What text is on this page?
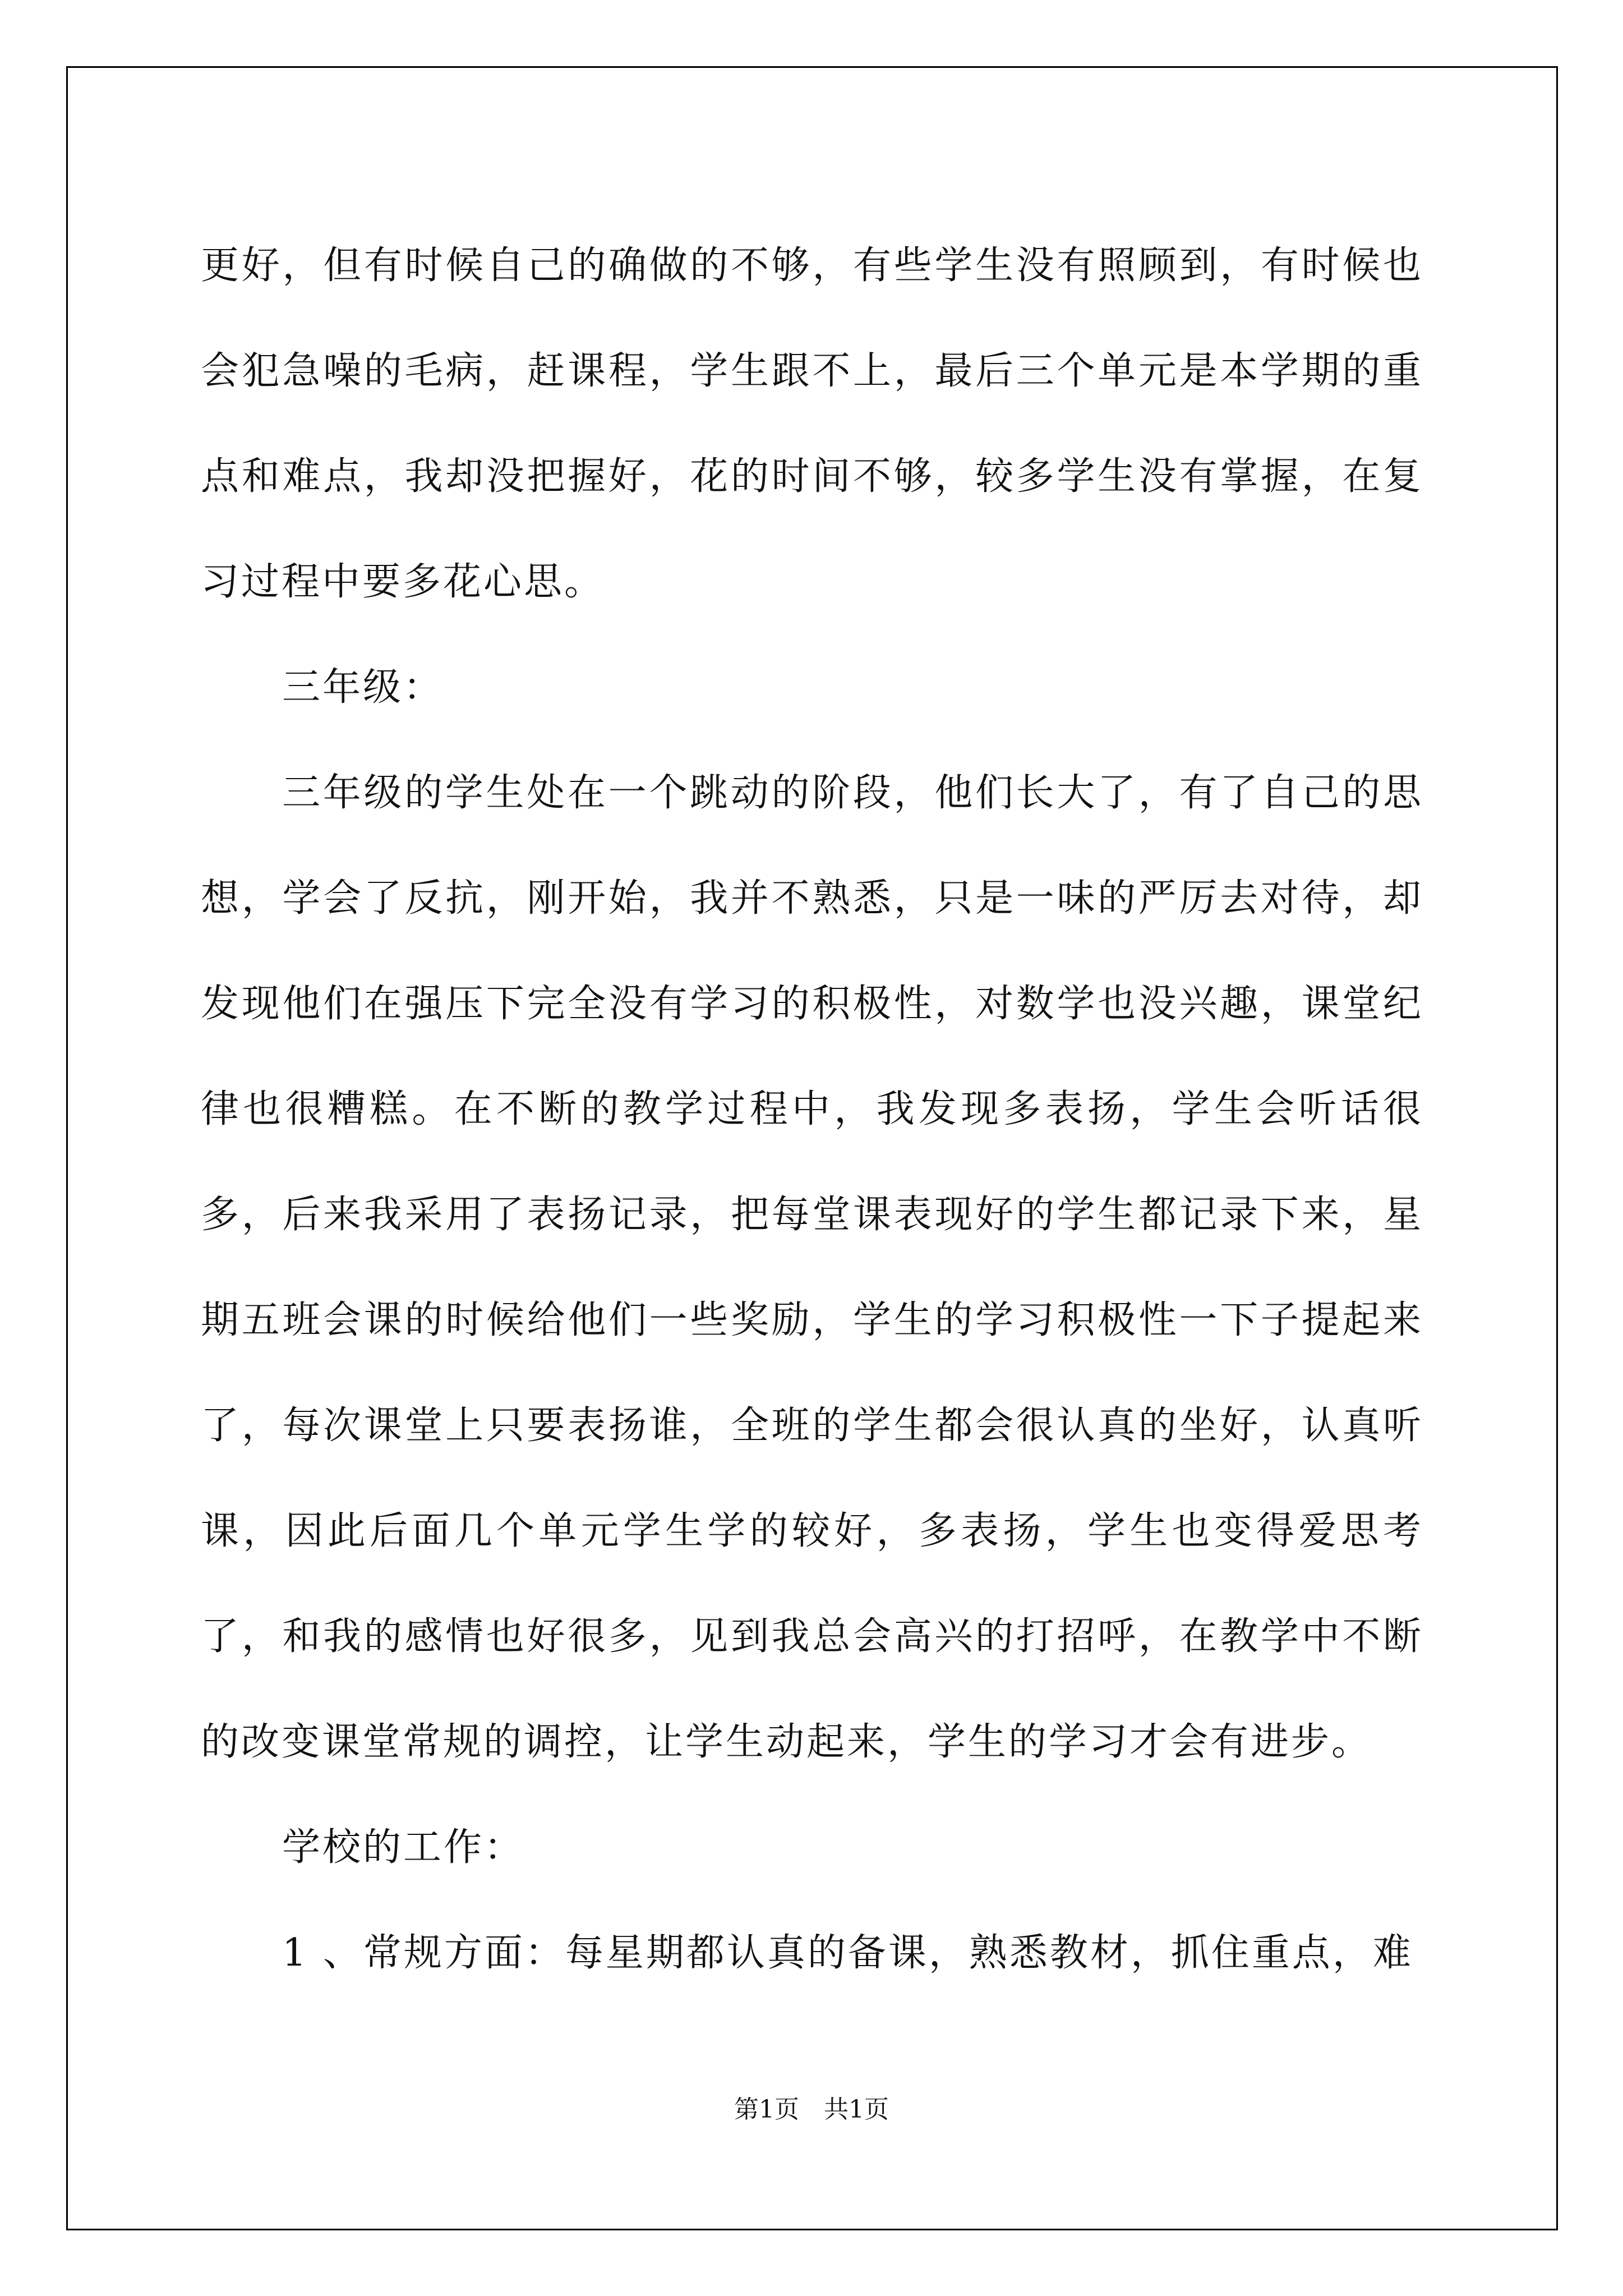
更好，但有时候自己的确做的不够，有些学生没有照顾到，有时候也会犯急噪的毛病，赶课程，学生跟不上，最后三个单元是本学期的重点和难点，我却没把握好，花的时间不够，较多学生没有掌握，在复习过程中要多花心思。

三年级：

三年级的学生处在一个跳动的阶段，他们长大了，有了自己的思想，学会了反抗，刚开始，我并不熟悉，只是一味的严厉去对待，却发现他们在强压下完全没有学习的积极性，对数学也没兴趣，课堂纪律也很糟糕。在不断的教学过程中，我发现多表扬，学生会听话很多，后来我采用了表扬记录，把每堂课表现好的学生都记录下来，星期五班会课的时候给他们一些奖励，学生的学习积极性一下子提起来了，每次课堂上只要表扬谁，全班的学生都会很认真的坐好，认真听课，因此后面几个单元学生学的较好，多表扬，学生也变得爱思考了，和我的感情也好很多，见到我总会高兴的打招呼，在教学中不断的改变课堂常规的调控，让学生动起来，学生的学习才会有进步。

学校的工作：

1 、常规方面：每星期都认真的备课，熟悉教材，抓住重点，难

第1页 共1页
